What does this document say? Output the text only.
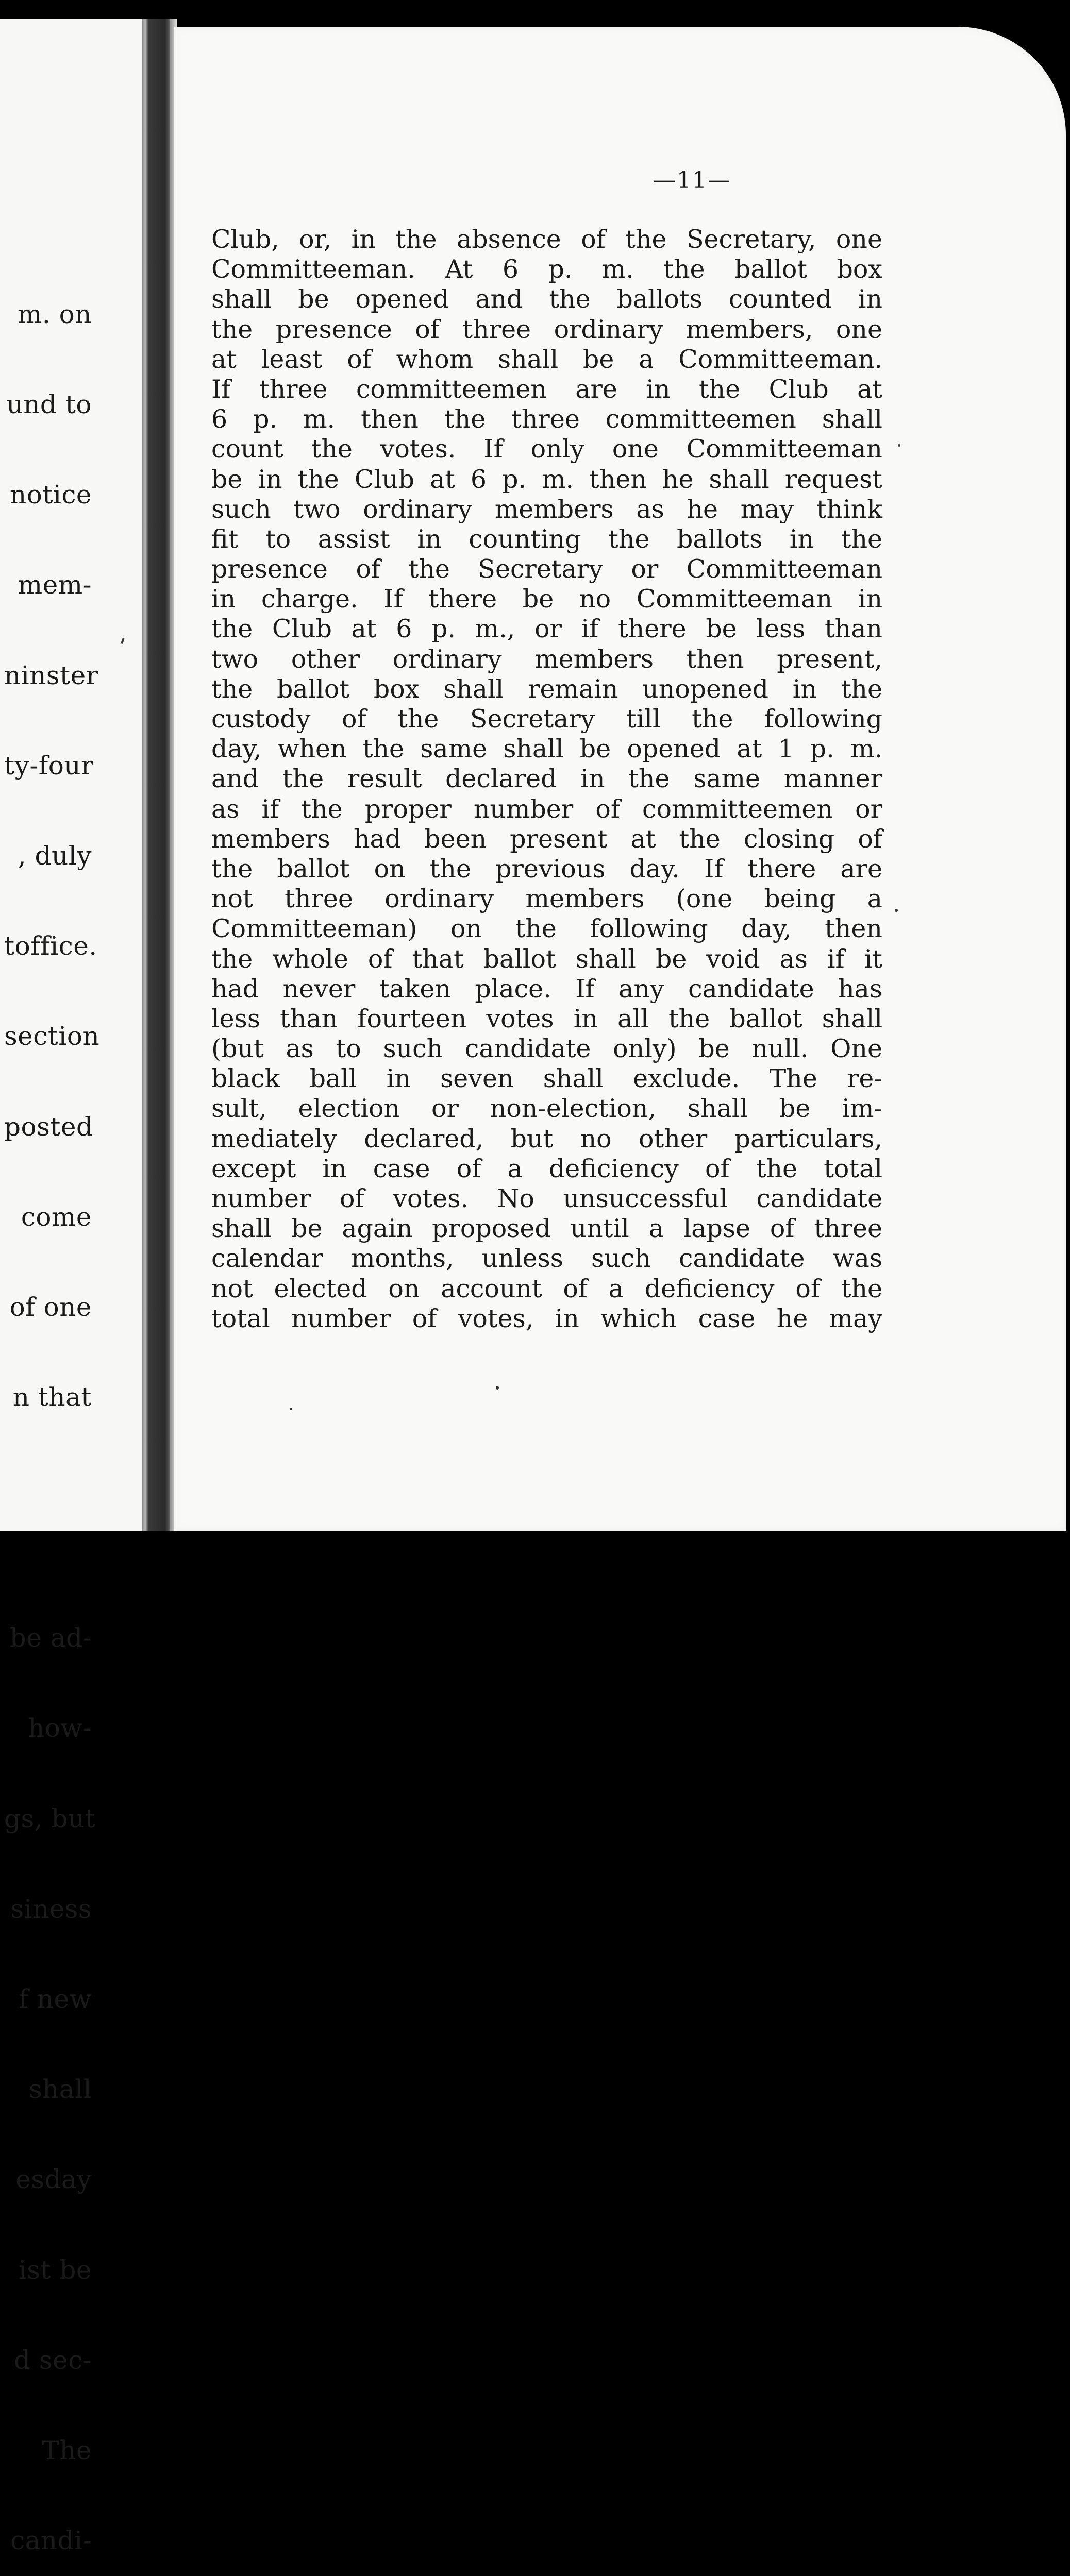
m. on

und to

notice

mem-

ninster

ty-four

, duly

toffice.

section

posted

come

of one

n that

be ad-

how-

gs, but

siness

f new

shall

esday

ist be

d sec-

The

candi-

—11—
Club, or, in the absence of the Secretary, one
Committeeman. At 6 p. m. the ballot box
shall be opened and the ballots counted in
the presence of three ordinary members, one
at least of whom shall be a Committeeman.
If three committeemen are in the Club at
6 p. m. then the three committeemen shall
count the votes. If only one Committeeman
be in the Club at 6 p. m. then he shall request
such two ordinary members as he may think
fit to assist in counting the ballots in the
presence of the Secretary or Committeeman
in charge. If there be no Committeeman in
the Club at 6 p. m., or if there be less than
two other ordinary members then present,
the ballot box shall remain unopened in the
custody of the Secretary till the following
day, when the same shall be opened at 1 p. m.
and the result declared in the same manner
as if the proper number of committeemen or
members had been present at the closing of
the ballot on the previous day. If there are
not three ordinary members (one being a
Committeeman) on the following day, then
the whole of that ballot shall be void as if it
had never taken place. If any candidate has
less than fourteen votes in all the ballot shall
(but as to such candidate only) be null. One
black ball in seven shall exclude. The re-
sult, election or non-election, shall be im-
mediately declared, but no other particulars,
except in case of a deficiency of the total
number of votes. No unsuccessful candidate
shall be again proposed until a lapse of three
calendar months, unless such candidate was
not elected on account of a deficiency of the
total number of votes, in which case he may
